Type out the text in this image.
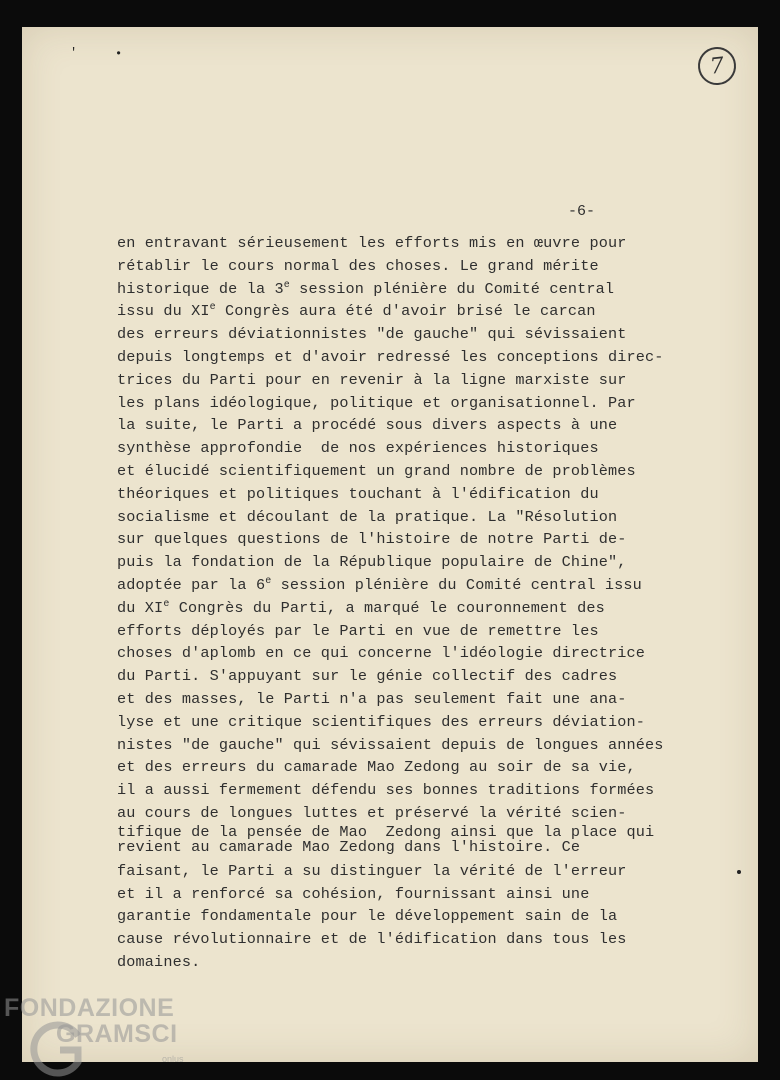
'	•	7
-6-
en entravant sérieusement les efforts mis en œuvre pour
rétablir le cours normal des choses. Le grand mérite
historique de la 3e session plénière du Comité central
issu du XIe Congrès aura été d'avoir brisé le carcan
des erreurs déviationnistes "de gauche" qui sévissaient
depuis longtemps et d'avoir redressé les conceptions direc-
trices du Parti pour en revenir à la ligne marxiste sur
les plans idéologique, politique et organisationnel. Par
la suite, le Parti a procédé sous divers aspects à une
synthèse approfondie  de nos expériences historiques
et élucidé scientifiquement un grand nombre de problèmes
théoriques et politiques touchant à l'édification du
socialisme et découlant de la pratique. La "Résolution
sur quelques questions de l'histoire de notre Parti de-
puis la fondation de la République populaire de Chine",
adoptée par la 6e session plénière du Comité central issu
du XIe Congrès du Parti, a marqué le couronnement des
efforts déployés par le Parti en vue de remettre les
choses d'aplomb en ce qui concerne l'idéologie directrice
du Parti. S'appuyant sur le génie collectif des cadres
et des masses, le Parti n'a pas seulement fait une ana-
lyse et une critique scientifiques des erreurs déviation-
nistes "de gauche" qui sévissaient depuis de longues années
et des erreurs du camarade Mao Zedong au soir de sa vie,
il a aussi fermement défendu ses bonnes traditions formées
au cours de longues luttes et préservé la vérité scien-
tifique de la pensée de Mao  Zedong ainsi que la place qui
revient au camarade Mao Zedong dans l'histoire. Ce
faisant, le Parti a su distinguer la vérité de l'erreur
et il a renforcé sa cohésion, fournissant ainsi une
garantie fondamentale pour le développement sain de la
cause révolutionnaire et de l'édification dans tous les
domaines.
FONDAZIONE
GRAMSCI
onlus
